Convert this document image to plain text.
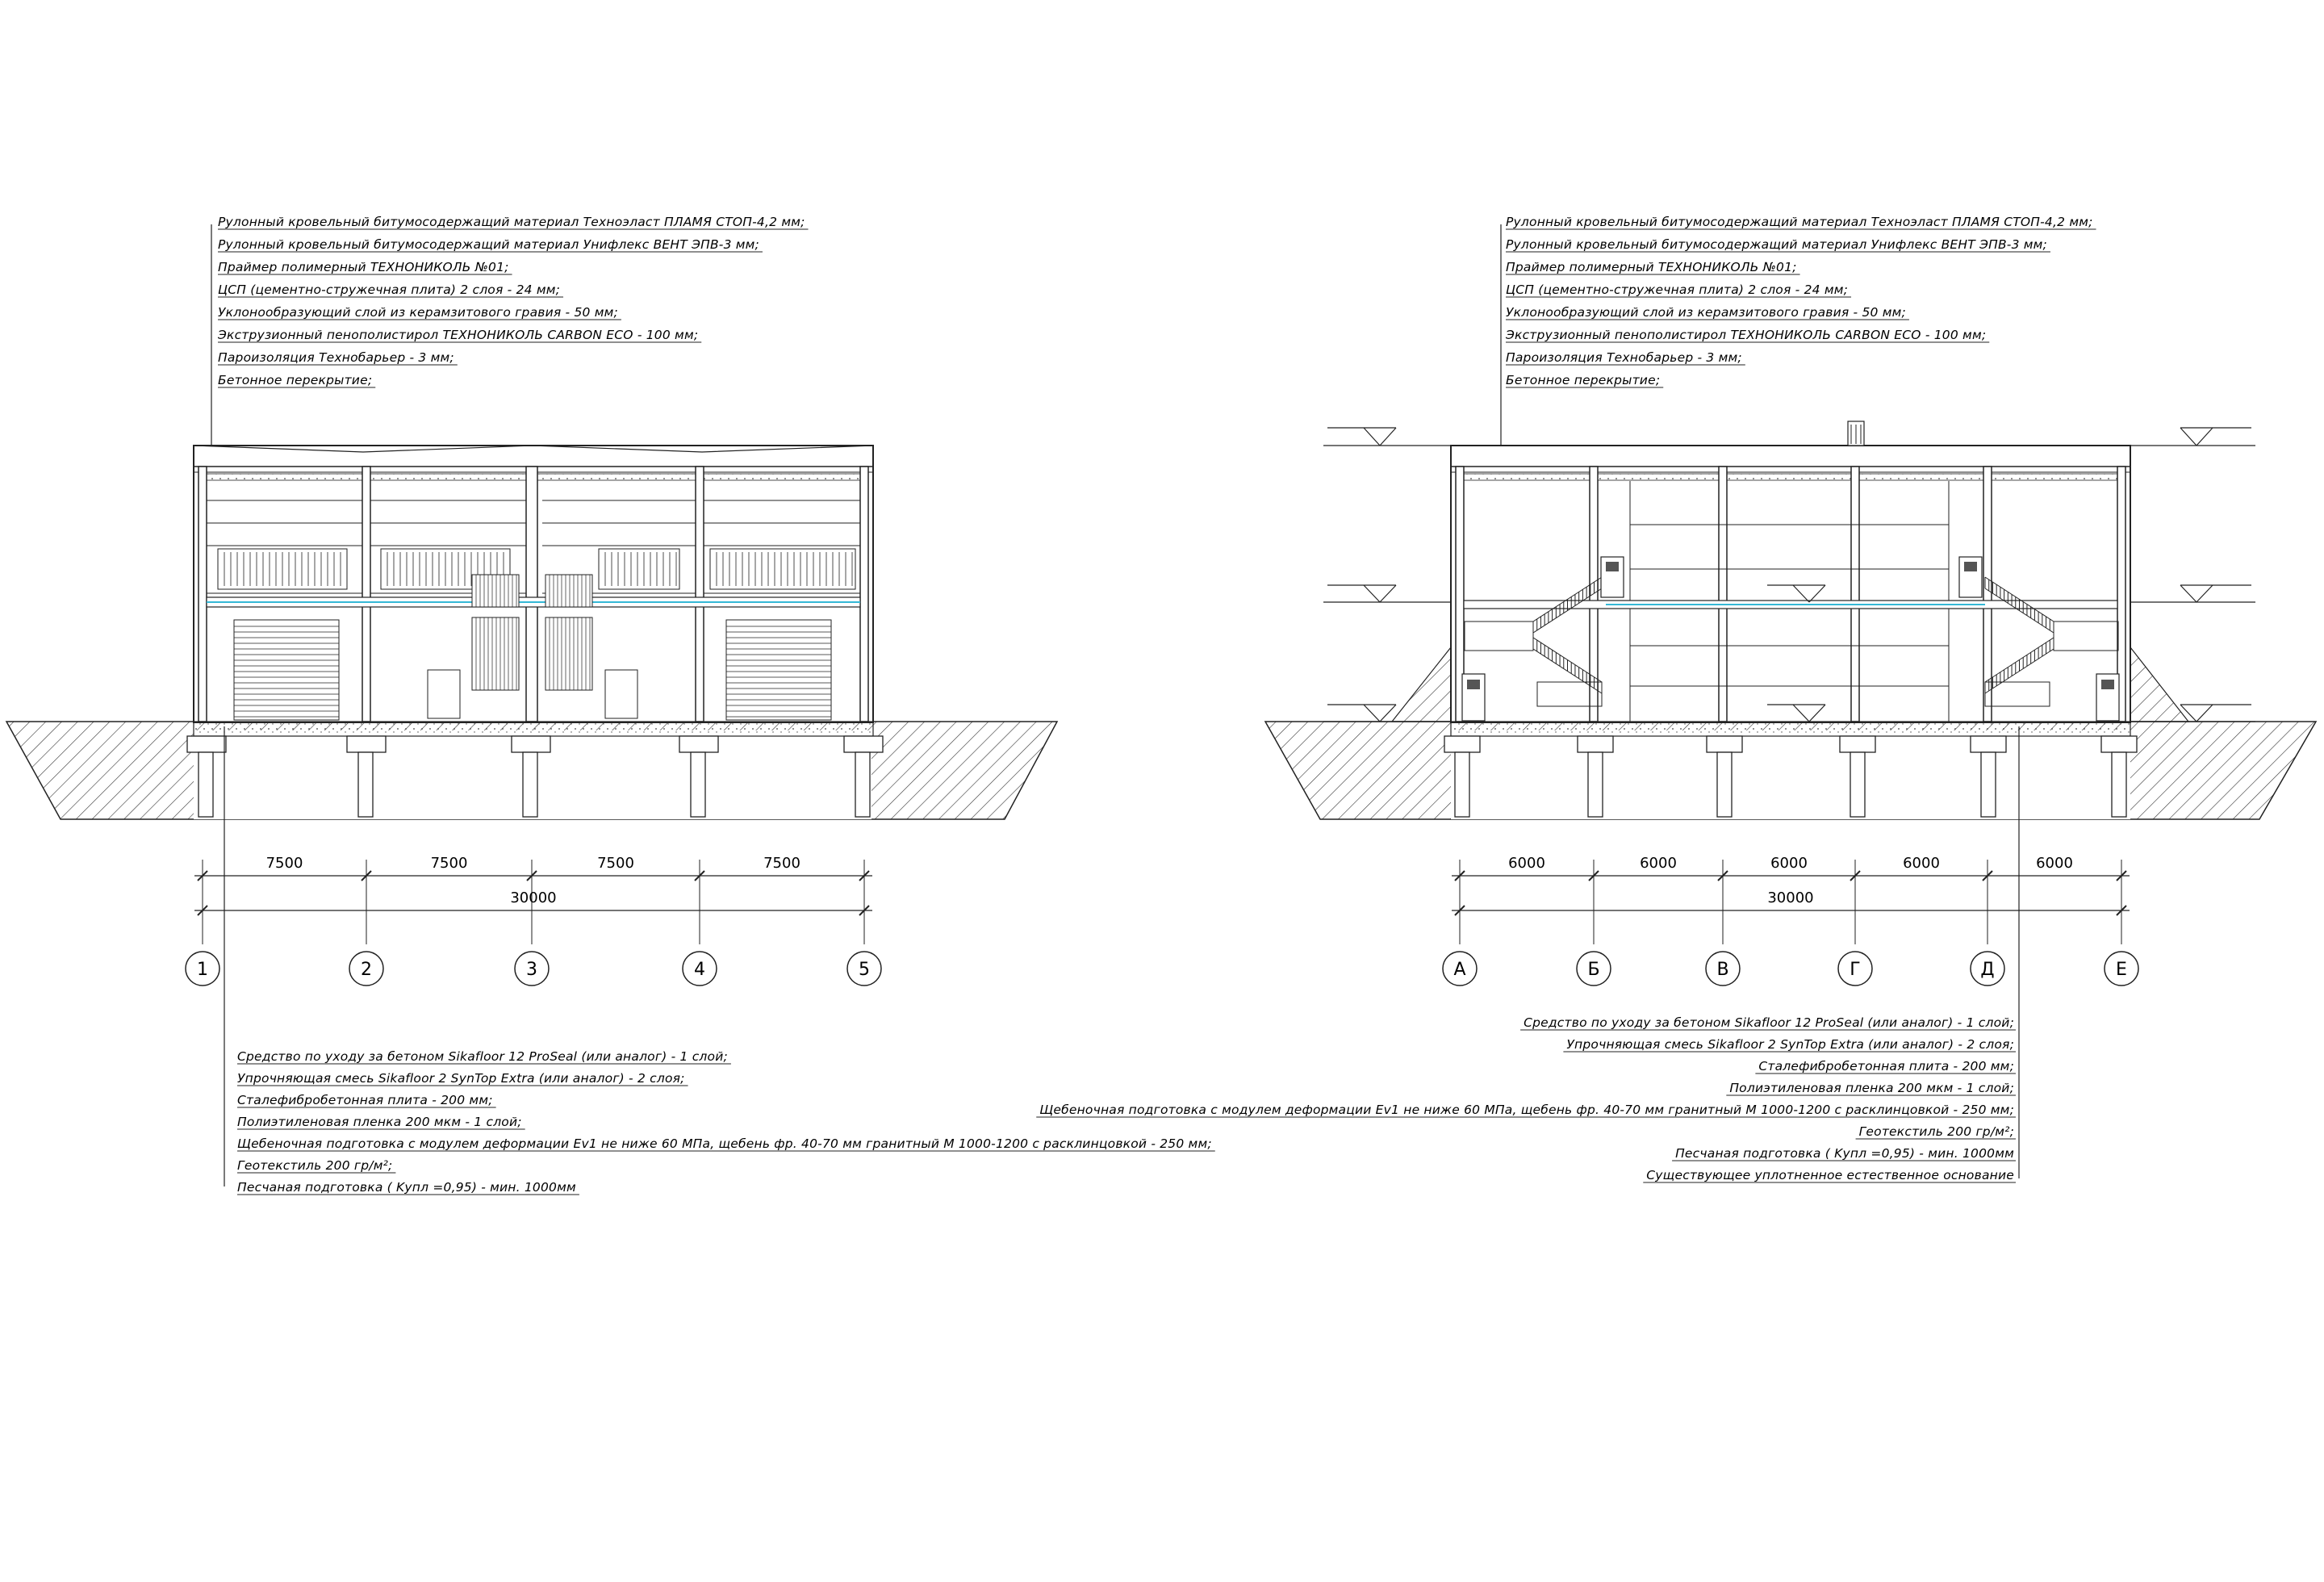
Рулонный кровельный битумосодержащий материал Техноэласт ПЛАМЯ СТОП-4,2 мм;
Рулонный кровельный битумосодержащий материал Унифлекс ВЕНТ ЭПВ-3 мм;
Праймер полимерный ТЕХНОНИКОЛЬ №01;
ЦСП (цементно-стружечная плита) 2 слоя - 24 мм;
Уклонообразующий слой из керамзитового гравия - 50 мм;
Экструзионный пенополистирол ТЕХНОНИКОЛЬ CARBON ECO - 100 мм;
Пароизоляция Технобарьер - 3 мм;
Бетонное перекрытие;
Средство по уходу за бетоном Sikafloor 12 ProSeal (или аналог) - 1 слой;
Упрочняющая смесь Sikafloor 2 SynTop Extra (или аналог) - 2 слоя;
Сталефибробетонная плита - 200 мм;
Полиэтиленовая пленка 200 мкм - 1 слой;
Щебеночная подготовка с модулем деформации Ev1 не ниже 60 МПа, щебень фр. 40-70 мм гранитный М 1000-1200 с расклинцовкой - 250 мм;
Геотекстиль 200 гр/м²;
Песчаная подготовка ( Kупл =0,95) - мин. 1000мм
7500	7500	7500	7500
30000
1	2	3	4	5
Рулонный кровельный битумосодержащий материал Техноэласт ПЛАМЯ СТОП-4,2 мм;
Рулонный кровельный битумосодержащий материал Унифлекс ВЕНТ ЭПВ-3 мм;
Праймер полимерный ТЕХНОНИКОЛЬ №01;
ЦСП (цементно-стружечная плита) 2 слоя - 24 мм;
Уклонообразующий слой из керамзитового гравия - 50 мм;
Экструзионный пенополистирол ТЕХНОНИКОЛЬ CARBON ECO - 100 мм;
Пароизоляция Технобарьер - 3 мм;
Бетонное перекрытие;
Средство по уходу за бетоном Sikafloor 12 ProSeal (или аналог) - 1 слой;
Упрочняющая смесь Sikafloor 2 SynTop Extra (или аналог) - 2 слоя;
Сталефибробетонная плита - 200 мм;
Полиэтиленовая пленка 200 мкм - 1 слой;
Щебеночная подготовка с модулем деформации Ev1 не ниже 60 МПа, щебень фр. 40-70 мм гранитный М 1000-1200 с расклинцовкой - 250 мм;
Геотекстиль 200 гр/м²;
Песчаная подготовка ( Kупл =0,95) - мин. 1000мм
Существующее уплотненное естественное основание
6000	6000	6000	6000	6000
30000
А	Б	В	Г	Д	Е
